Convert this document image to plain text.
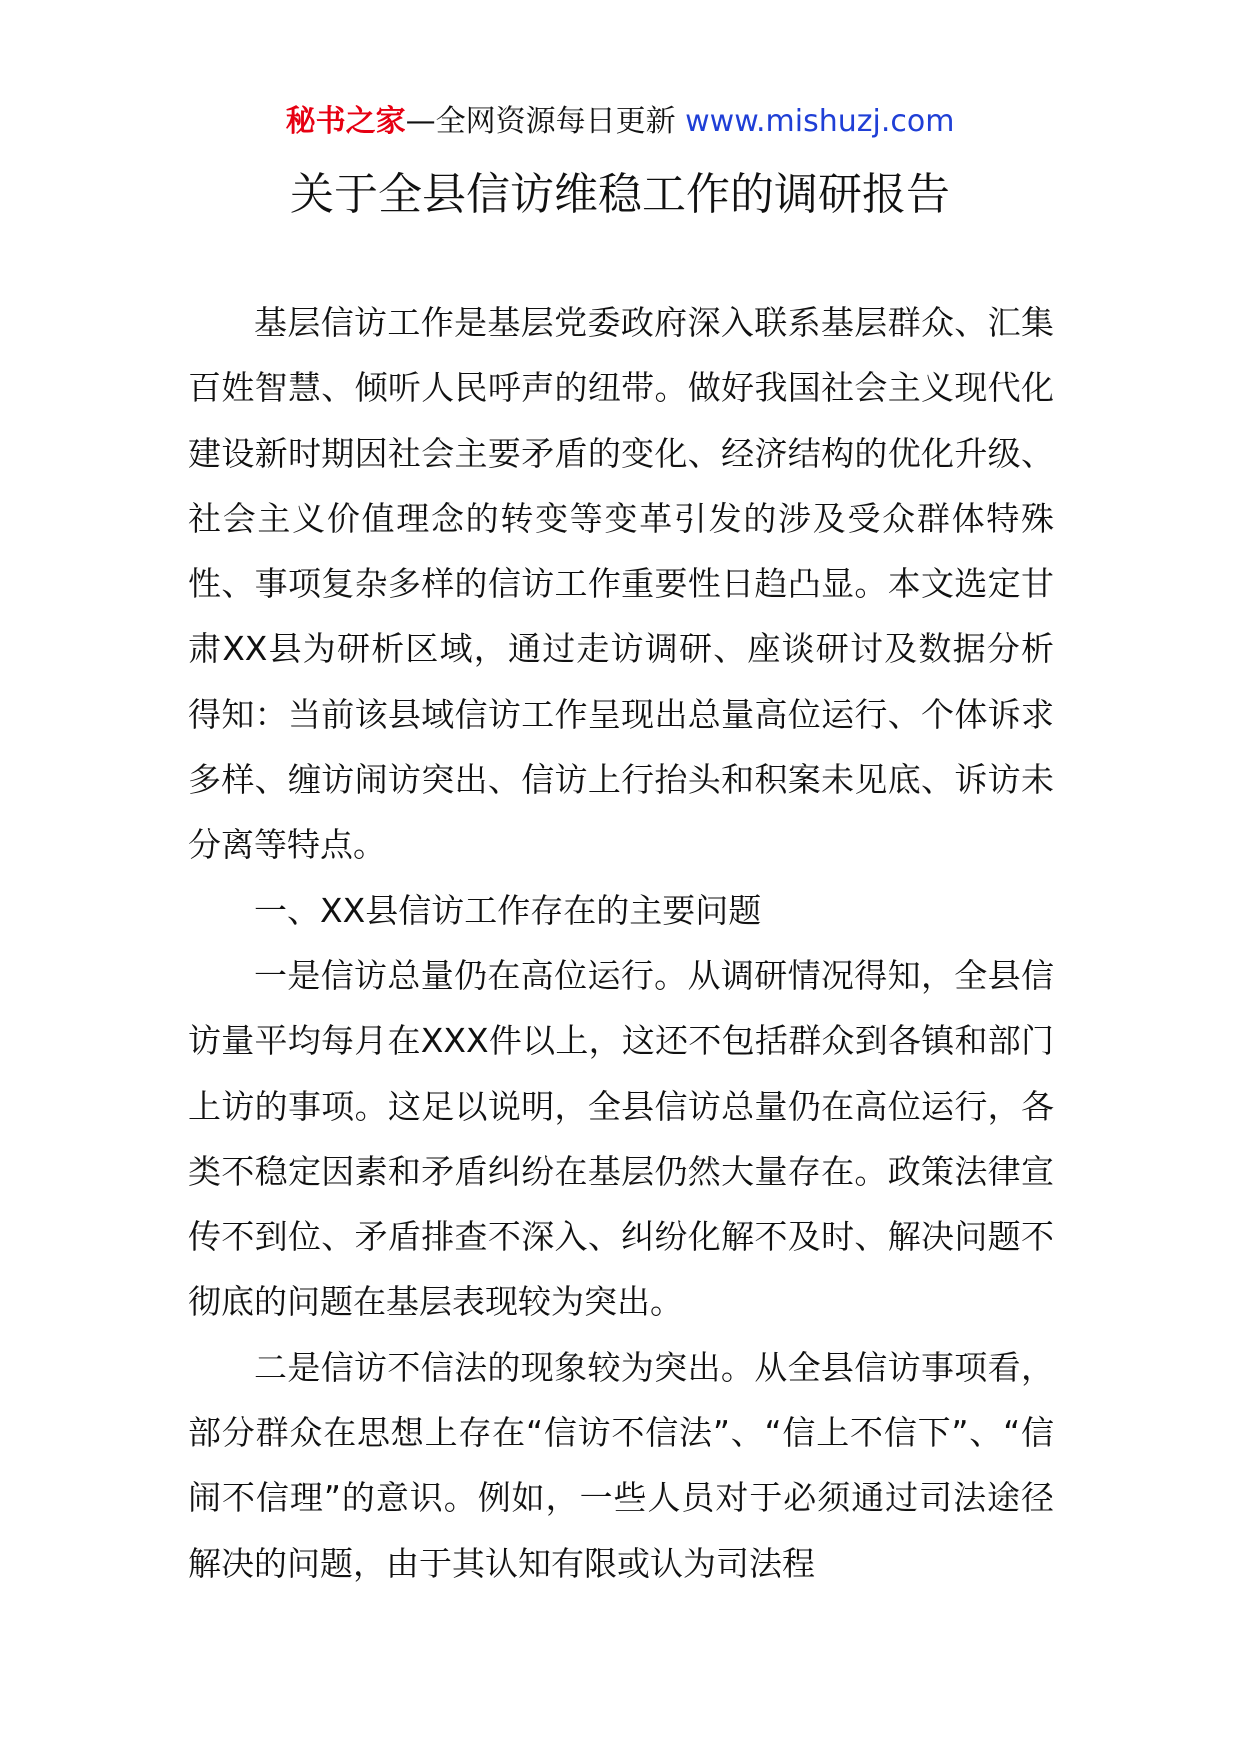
秘书之家—全网资源每日更新 www.mishuzj.com
关于全县信访维稳工作的调研报告

基层信访工作是基层党委政府深入联系基层群众、汇集百姓智慧、倾听人民呼声的纽带。做好我国社会主义现代化建设新时期因社会主要矛盾的变化、经济结构的优化升级、社会主义价值理念的转变等变革引发的涉及受众群体特殊性、事项复杂多样的信访工作重要性日趋凸显。本文选定甘肃XX县为研析区域，通过走访调研、座谈研讨及数据分析得知：当前该县域信访工作呈现出总量高位运行、个体诉求多样、缠访闹访突出、信访上行抬头和积案未见底、诉访未分离等特点。

一、XX县信访工作存在的主要问题

一是信访总量仍在高位运行。从调研情况得知，全县信访量平均每月在XXX件以上，这还不包括群众到各镇和部门上访的事项。这足以说明，全县信访总量仍在高位运行，各类不稳定因素和矛盾纠纷在基层仍然大量存在。政策法律宣传不到位、矛盾排查不深入、纠纷化解不及时、解决问题不彻底的问题在基层表现较为突出。

二是信访不信法的现象较为突出。从全县信访事项看，部分群众在思想上存在“信访不信法”、“信上不信下”、“信闹不信理”的意识。例如，一些人员对于必须通过司法途径解决的问题，由于其认知有限或认为司法程
